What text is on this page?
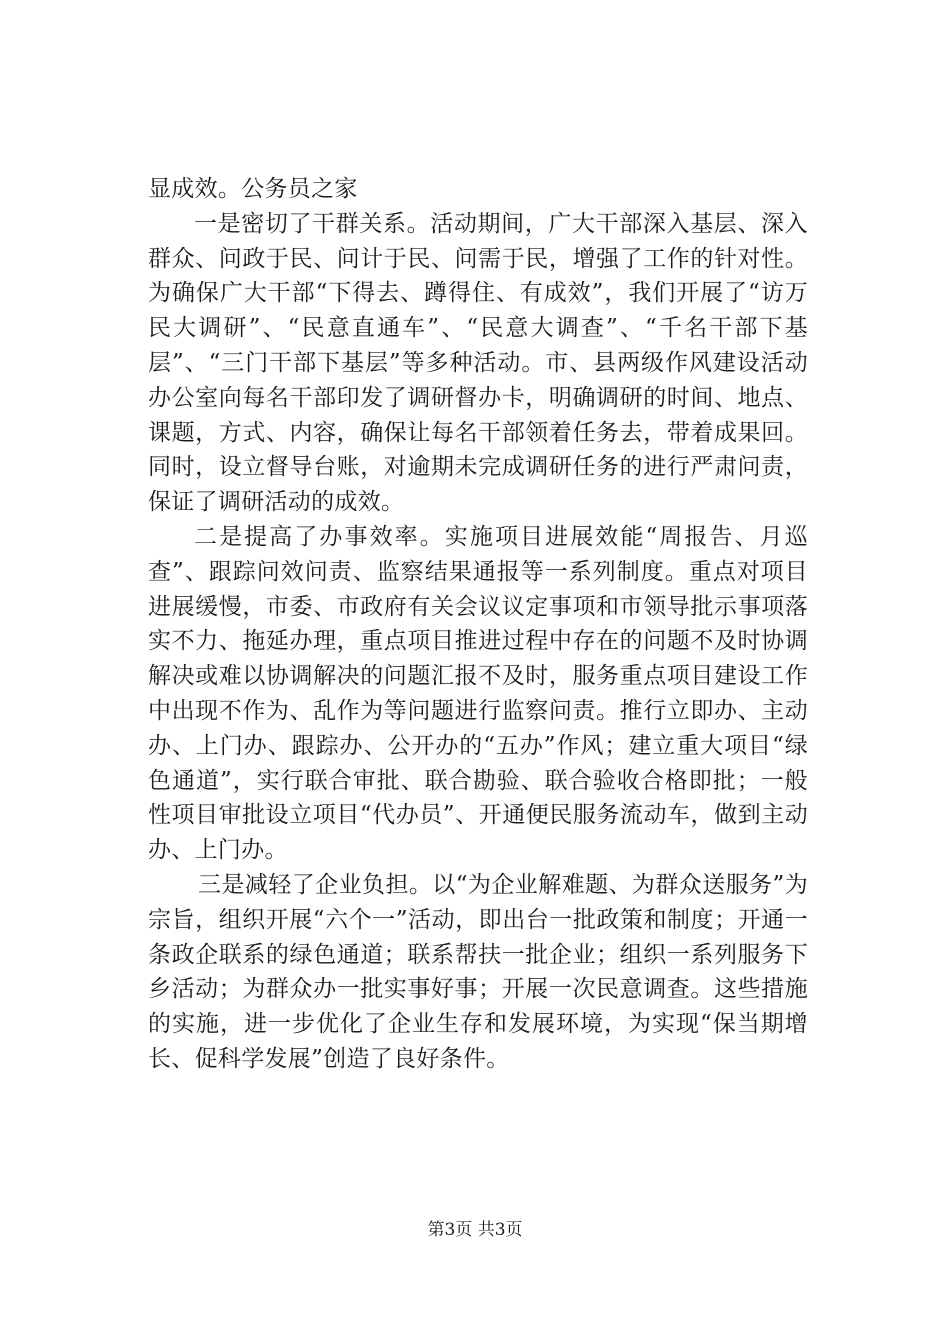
显成效。公务员之家

一是密切了干群关系。活动期间，广大干部深入基层、深入群众、问政于民、问计于民、问需于民，增强了工作的针对性。为确保广大干部“下得去、蹲得住、有成效”，我们开展了“访万民大调研”、“民意直通车”、“民意大调查”、“千名干部下基层”、“三门干部下基层”等多种活动。市、县两级作风建设活动办公室向每名干部印发了调研督办卡，明确调研的时间、地点、课题，方式、内容，确保让每名干部领着任务去，带着成果回。同时，设立督导台账，对逾期未完成调研任务的进行严肃问责，保证了调研活动的成效。

二是提高了办事效率。实施项目进展效能“周报告、月巡查”、跟踪问效问责、监察结果通报等一系列制度。重点对项目进展缓慢，市委、市政府有关会议议定事项和市领导批示事项落实不力、拖延办理，重点项目推进过程中存在的问题不及时协调解决或难以协调解决的问题汇报不及时，服务重点项目建设工作中出现不作为、乱作为等问题进行监察问责。推行立即办、主动办、上门办、跟踪办、公开办的“五办”作风；建立重大项目“绿色通道”，实行联合审批、联合勘验、联合验收合格即批；一般性项目审批设立项目“代办员”、开通便民服务流动车，做到主动办、上门办。

三是减轻了企业负担。以“为企业解难题、为群众送服务”为宗旨，组织开展“六个一”活动，即出台一批政策和制度；开通一条政企联系的绿色通道；联系帮扶一批企业；组织一系列服务下乡活动；为群众办一批实事好事；开展一次民意调查。这些措施的实施，进一步优化了企业生存和发展环境，为实现“保当期增长、促科学发展”创造了良好条件。

第3页 共3页
